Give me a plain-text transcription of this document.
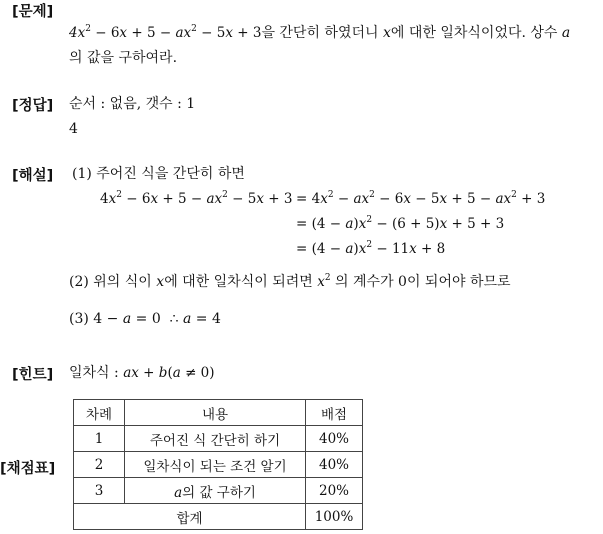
[문제]
$4x^2 - 6x + 5 - ax^2 - 5x + 3$을 간단히 하였더니 x에 대한 일차식이었다. 상수 a
의 값을 구하여라.
[정답] 순서 : 없음, 갯수 : 1
4
[해설] (1) 주어진 식을 간단히 하면
$4x^2 - 6x + 5 - ax^2 - 5x + 3 = 4x^2 - ax^2 - 6x - 5x + 5 - ax^2 + 3$
= $(4 - a)x^2 - (6 + 5)x + 5 + 3$
= $(4 - a)x^2 - 11x + 8$
(2) 위의 식이 x에 대한 일차식이 되려면 $x^2$ 의 계수가 0이 되어야 하므로
(3) 4 − a = 0  ∴ a = 4
[힌트] 일차식 : ax + b(a ≠ 0)
[채점표]
차례	내용	배점
1	주어진 식 간단히 하기	40%
2	일차식이 되는 조건 알기	40%
3	a의 값 구하기	20%
합계		100%
